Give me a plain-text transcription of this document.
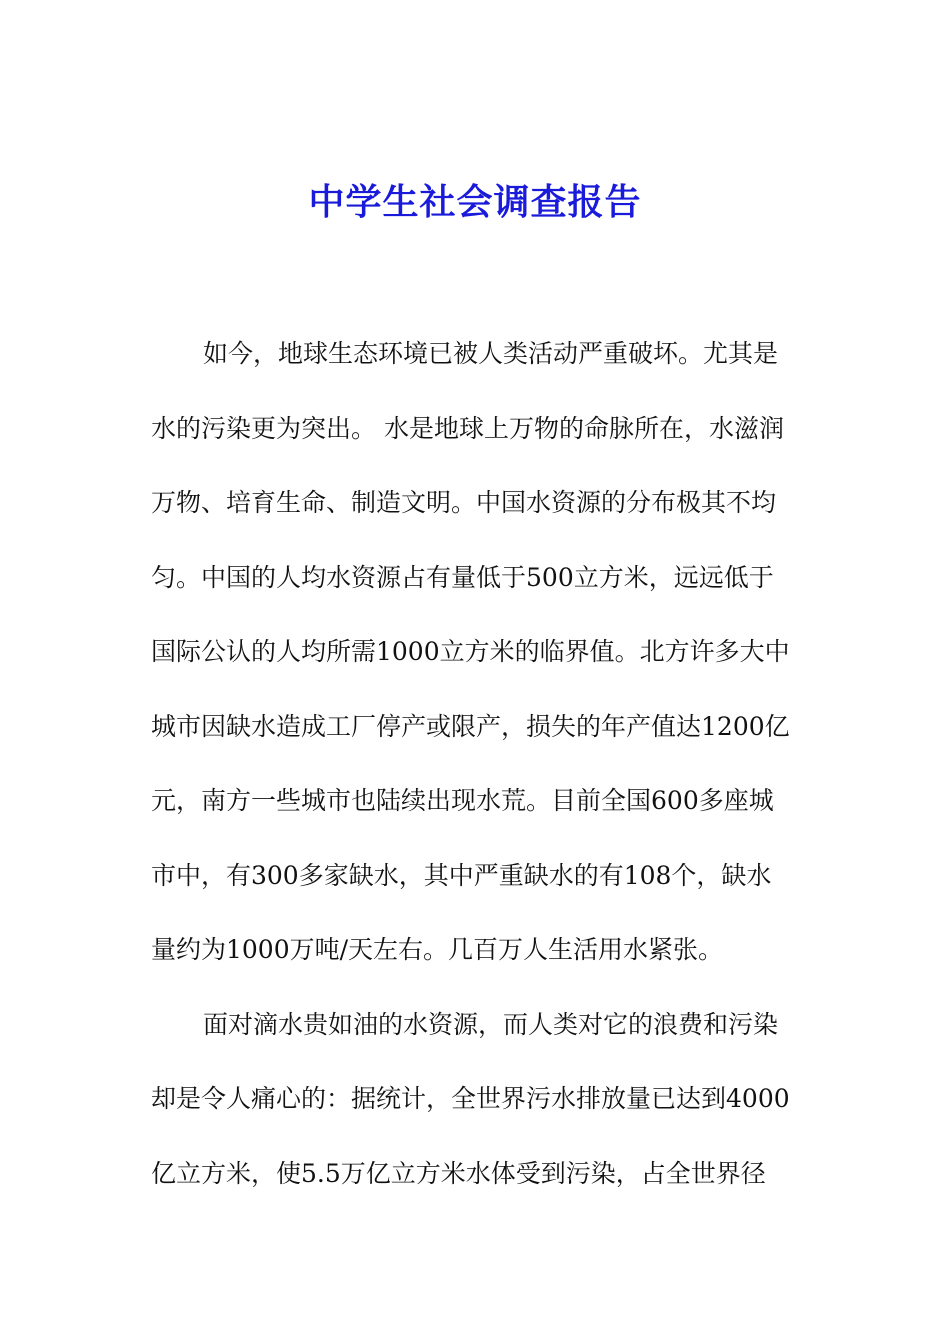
中学生社会调查报告
如今，地球生态环境已被人类活动严重破坏。尤其是
水的污染更为突出。 水是地球上万物的命脉所在，水滋润
万物、培育生命、制造文明。中国水资源的分布极其不均
匀。中国的人均水资源占有量低于500立方米，远远低于
国际公认的人均所需1000立方米的临界值。北方许多大中
城市因缺水造成工厂停产或限产，损失的年产值达1200亿
元，南方一些城市也陆续出现水荒。目前全国600多座城
市中，有300多家缺水，其中严重缺水的有108个，缺水
量约为1000万吨/天左右。几百万人生活用水紧张。
面对滴水贵如油的水资源，而人类对它的浪费和污染
却是令人痛心的：据统计，全世界污水排放量已达到4000
亿立方米，使5.5万亿立方米水体受到污染，占全世界径
